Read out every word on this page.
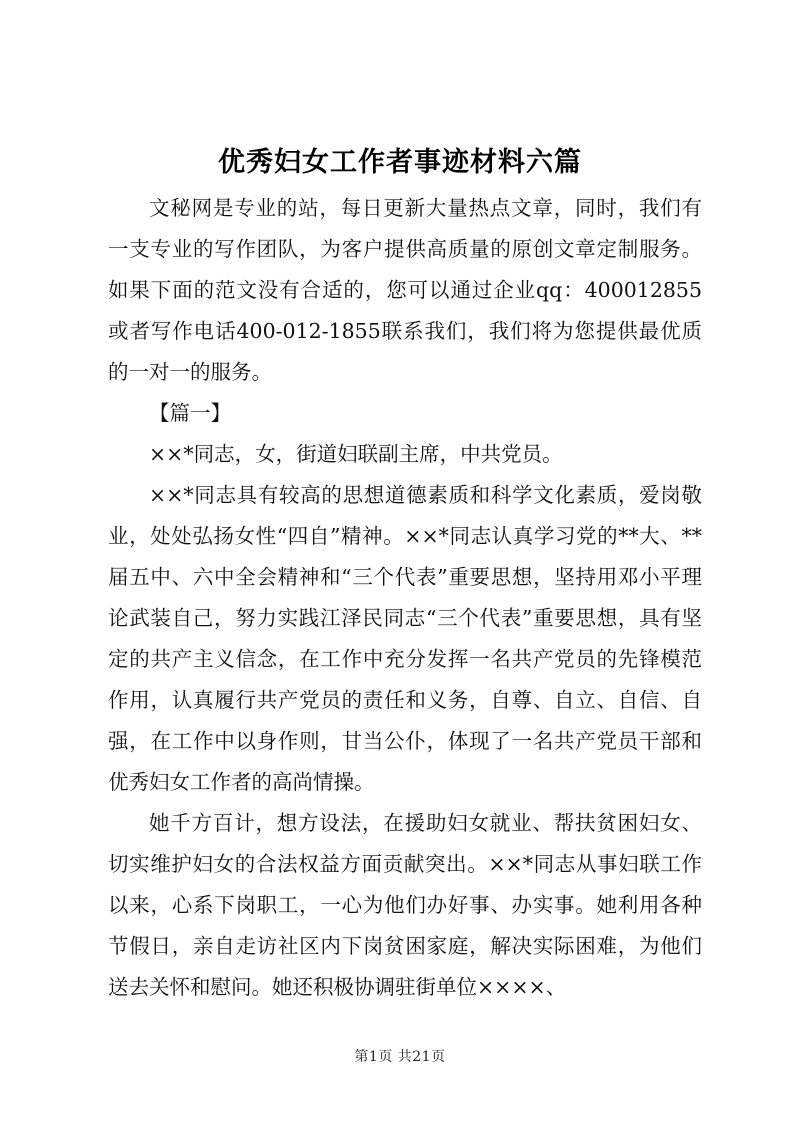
优秀妇女工作者事迹材料六篇

文秘网是专业的站，每日更新大量热点文章，同时，我们有一支专业的写作团队，为客户提供高质量的原创文章定制服务。如果下面的范文没有合适的，您可以通过企业qq：400012855或者写作电话400-012-1855联系我们，我们将为您提供最优质的一对一的服务。

【篇一】

××*同志，女，街道妇联副主席，中共党员。

××*同志具有较高的思想道德素质和科学文化素质，爱岗敬业，处处弘扬女性“四自”精神。××*同志认真学习党的**大、**届五中、六中全会精神和“三个代表”重要思想，坚持用邓小平理论武装自己，努力实践江泽民同志“三个代表”重要思想，具有坚定的共产主义信念，在工作中充分发挥一名共产党员的先锋模范作用，认真履行共产党员的责任和义务，自尊、自立、自信、自强，在工作中以身作则，甘当公仆，体现了一名共产党员干部和优秀妇女工作者的高尚情操。

她千方百计，想方设法，在援助妇女就业、帮扶贫困妇女、切实维护妇女的合法权益方面贡献突出。××*同志从事妇联工作以来，心系下岗职工，一心为他们办好事、办实事。她利用各种节假日，亲自走访社区内下岗贫困家庭，解决实际困难，为他们送去关怀和慰问。她还积极协调驻街单位××××、

第1页 共21页
